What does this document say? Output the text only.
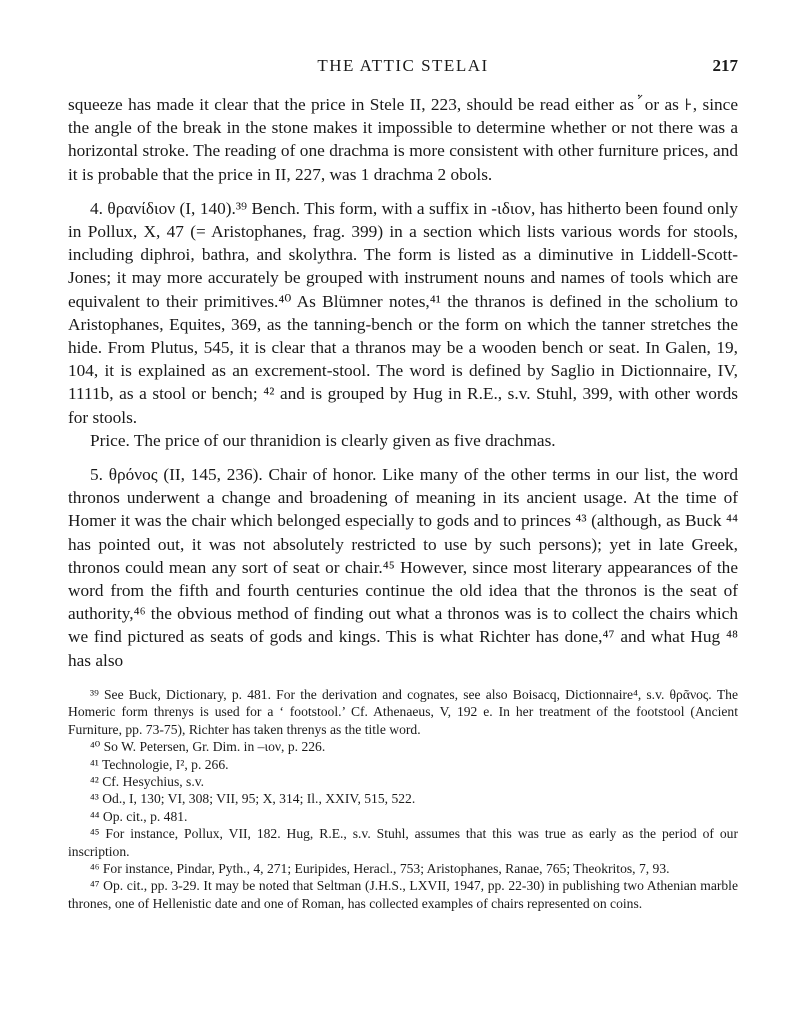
THE ATTIC STELAI	217

squeeze has made it clear that the price in Stele II, 223, should be read either as ꜘ or as ꜔, since the angle of the break in the stone makes it impossible to determine whether or not there was a horizontal stroke. The reading of one drachma is more consistent with other furniture prices, and it is probable that the price in II, 227, was 1 drachma 2 obols.

4. θρανίδιον (I, 140).³⁹ Bench. This form, with a suffix in -ιδιον, has hitherto been found only in Pollux, X, 47 (= Aristophanes, frag. 399) in a section which lists various words for stools, including diphroi, bathra, and skolythra. The form is listed as a diminutive in Liddell-Scott-Jones; it may more accurately be grouped with instrument nouns and names of tools which are equivalent to their primitives.⁴⁰ As Blümner notes,⁴¹ the thranos is defined in the scholium to Aristophanes, Equites, 369, as the tanning-bench or the form on which the tanner stretches the hide. From Plutus, 545, it is clear that a thranos may be a wooden bench or seat. In Galen, 19, 104, it is explained as an excrement-stool. The word is defined by Saglio in Dictionnaire, IV, 1111b, as a stool or bench; ⁴² and is grouped by Hug in R.E., s.v. Stuhl, 399, with other words for stools.

Price. The price of our thranidion is clearly given as five drachmas.

5. θρόνος (II, 145, 236). Chair of honor. Like many of the other terms in our list, the word thronos underwent a change and broadening of meaning in its ancient usage. At the time of Homer it was the chair which belonged especially to gods and to princes ⁴³ (although, as Buck ⁴⁴ has pointed out, it was not absolutely restricted to use by such persons); yet in late Greek, thronos could mean any sort of seat or chair.⁴⁵ However, since most literary appearances of the word from the fifth and fourth centuries continue the old idea that the thronos is the seat of authority,⁴⁶ the obvious method of finding out what a thronos was is to collect the chairs which we find pictured as seats of gods and kings. This is what Richter has done,⁴⁷ and what Hug ⁴⁸ has also

³⁹ See Buck, Dictionary, p. 481. For the derivation and cognates, see also Boisacq, Dictionnaire⁴, s.v. θρᾶνος. The Homeric form threnys is used for a ‘ footstool.’ Cf. Athenaeus, V, 192 e. In her treatment of the footstool (Ancient Furniture, pp. 73-75), Richter has taken threnys as the title word.

⁴⁰ So W. Petersen, Gr. Dim. in –ιον, p. 226.

⁴¹ Technologie, I², p. 266.

⁴² Cf. Hesychius, s.v.

⁴³ Od., I, 130; VI, 308; VII, 95; X, 314; Il., XXIV, 515, 522.

⁴⁴ Op. cit., p. 481.

⁴⁵ For instance, Pollux, VII, 182. Hug, R.E., s.v. Stuhl, assumes that this was true as early as the period of our inscription.

⁴⁶ For instance, Pindar, Pyth., 4, 271; Euripides, Heracl., 753; Aristophanes, Ranae, 765; Theokritos, 7, 93.

⁴⁷ Op. cit., pp. 3-29. It may be noted that Seltman (J.H.S., LXVII, 1947, pp. 22-30) in publishing two Athenian marble thrones, one of Hellenistic date and one of Roman, has collected examples of chairs represented on coins.
